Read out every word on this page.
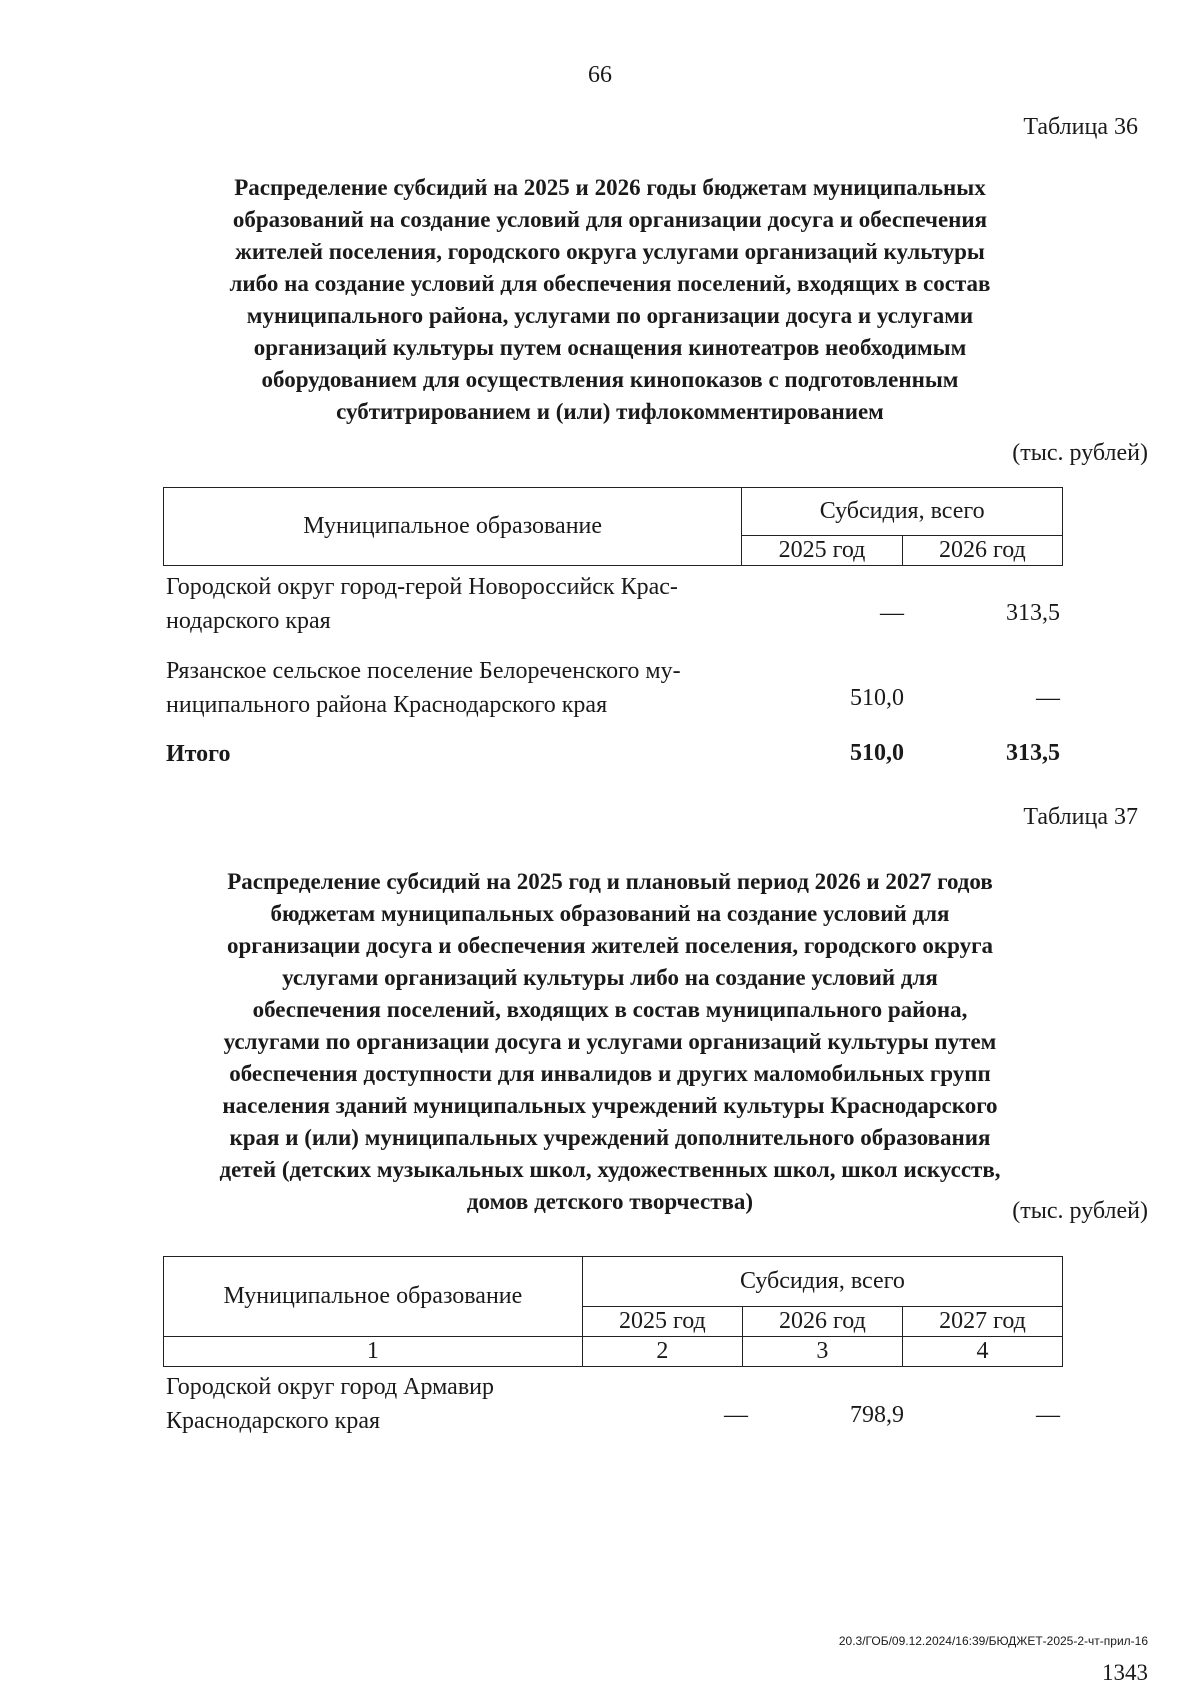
66
Таблица 36
Распределение субсидий на 2025 и 2026 годы бюджетам муниципальных
образований на создание условий для организации досуга и обеспечения
жителей поселения, городского округа услугами организаций культуры
либо на создание условий для обеспечения поселений, входящих в состав
муниципального района, услугами по организации досуга и услугами
организаций культуры путем оснащения кинотеатров необходимым
оборудованием для осуществления кинопоказов с подготовленным
субтитрированием и (или) тифлокомментированием
(тыс. рублей)
Муниципальное образование	Субсидия, всего	
	2025 год	2026 год
Городской округ город-герой Новороссийск Крас-
нодарского края	—	313,5
Рязанское сельское поселение Белореченского му-
ниципального района Краснодарского края	510,0	—
Итого	510,0	313,5
Таблица 37
Распределение субсидий на 2025 год и плановый период 2026 и 2027 годов
бюджетам муниципальных образований на создание условий для
организации досуга и обеспечения жителей поселения, городского округа
услугами организаций культуры либо на создание условий для
обеспечения поселений, входящих в состав муниципального района,
услугами по организации досуга и услугами организаций культуры путем
обеспечения доступности для инвалидов и других маломобильных групп
населения зданий муниципальных учреждений культуры Краснодарского
края и (или) муниципальных учреждений дополнительного образования
детей (детских музыкальных школ, художественных школ, школ искусств,
домов детского творчества)	(тыс. рублей)
Муниципальное образование	Субсидия, всего		
	2025 год	2026 год	2027 год
1	2	3	4
Городской округ город Армавир
Краснодарского края	—	798,9	—
20.3/ГОБ/09.12.2024/16:39/БЮДЖЕТ-2025-2-чт-прил-16
1343
